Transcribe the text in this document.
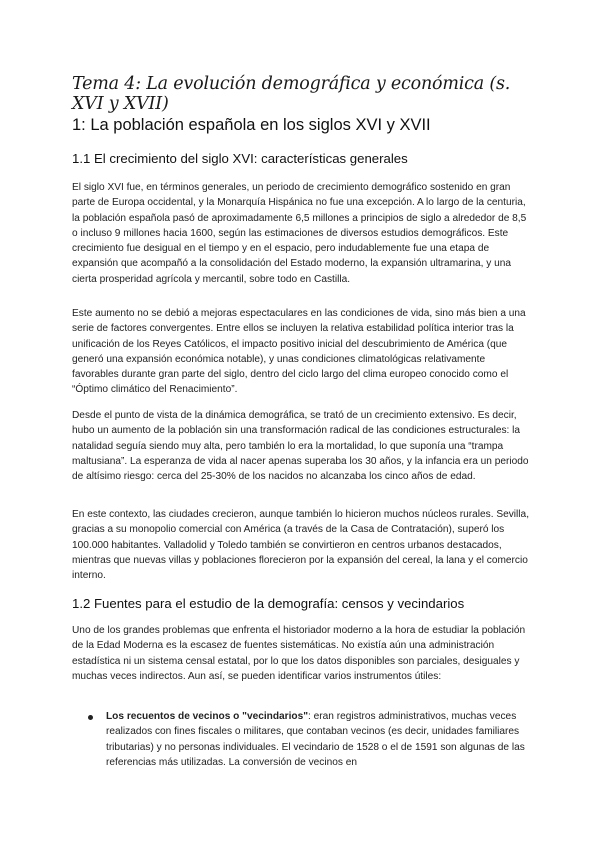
Tema 4: La evolución demográfica y económica (s. XVI y XVII)
1: La población española en los siglos XVI y XVII
1.1 El crecimiento del siglo XVI: características generales

El siglo XVI fue, en términos generales, un periodo de crecimiento demográfico sostenido en gran parte de Europa occidental, y la Monarquía Hispánica no fue una excepción. A lo largo de la centuria, la población española pasó de aproximadamente 6,5 millones a principios de siglo a alrededor de 8,5 o incluso 9 millones hacia 1600, según las estimaciones de diversos estudios demográficos. Este crecimiento fue desigual en el tiempo y en el espacio, pero indudablemente fue una etapa de expansión que acompañó a la consolidación del Estado moderno, la expansión ultramarina, y una cierta prosperidad agrícola y mercantil, sobre todo en Castilla.

Este aumento no se debió a mejoras espectaculares en las condiciones de vida, sino más bien a una serie de factores convergentes. Entre ellos se incluyen la relativa estabilidad política interior tras la unificación de los Reyes Católicos, el impacto positivo inicial del descubrimiento de América (que generó una expansión económica notable), y unas condiciones climatológicas relativamente favorables durante gran parte del siglo, dentro del ciclo largo del clima europeo conocido como el “Óptimo climático del Renacimiento”.

Desde el punto de vista de la dinámica demográfica, se trató de un crecimiento extensivo. Es decir, hubo un aumento de la población sin una transformación radical de las condiciones estructurales: la natalidad seguía siendo muy alta, pero también lo era la mortalidad, lo que suponía una “trampa maltusiana”. La esperanza de vida al nacer apenas superaba los 30 años, y la infancia era un periodo de altísimo riesgo: cerca del 25-30% de los nacidos no alcanzaba los cinco años de edad.

En este contexto, las ciudades crecieron, aunque también lo hicieron muchos núcleos rurales. Sevilla, gracias a su monopolio comercial con América (a través de la Casa de Contratación), superó los 100.000 habitantes. Valladolid y Toledo también se convirtieron en centros urbanos destacados, mientras que nuevas villas y poblaciones florecieron por la expansión del cereal, la lana y el comercio interno.

1.2 Fuentes para el estudio de la demografía: censos y vecindarios

Uno de los grandes problemas que enfrenta el historiador moderno a la hora de estudiar la población de la Edad Moderna es la escasez de fuentes sistemáticas. No existía aún una administración estadística ni un sistema censal estatal, por lo que los datos disponibles son parciales, desiguales y muchas veces indirectos. Aun así, se pueden identificar varios instrumentos útiles:

Los recuentos de vecinos o "vecindarios": eran registros administrativos, muchas veces realizados con fines fiscales o militares, que contaban vecinos (es decir, unidades familiares tributarias) y no personas individuales. El vecindario de 1528 o el de 1591 son algunas de las referencias más utilizadas. La conversión de vecinos en
